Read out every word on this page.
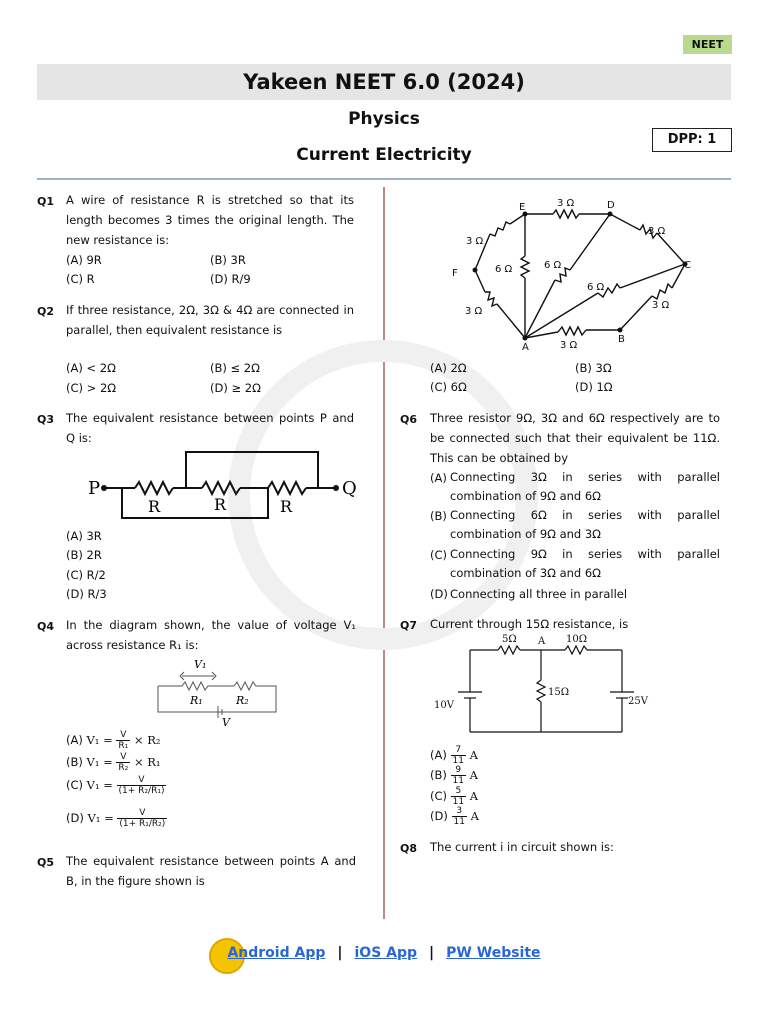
NEET
Yakeen NEET 6.0 (2024)
Physics
Current Electricity
DPP: 1
Q1 A wire of resistance R is stretched so that its length becomes 3 times the original length. The new resistance is:
(A) 9R	(B) 3R
(C) R	(D) R/9
Q2 If three resistance, 2Ω, 3Ω & 4Ω are connected in parallel, then equivalent resistance is
(A) < 2Ω	(B) ≤ 2Ω
(C) > 2Ω	(D) ≥ 2Ω
Q3 The equivalent resistance between points P and Q is:
P	Q
R	R	R
(A) 3R
(B) 2R
(C) R/2
(D) R/3
Q4 In the diagram shown, the value of voltage V₁ across resistance R₁ is:
V₁
R₁	R₂
V
(A) $V_1 = \frac{V}{\text{R₁}} \times R_2$
(B) $V_1 = \frac{V}{\text{R₂}} \times R_1$
(C) $V_1 = \frac{V}{\text{(1+ R₂/R₁)}}$
(D) $V_1 = \frac{V}{\text{(1+ R₁/R₂)}}$
Q5 The equivalent resistance between points A and B, in the figure shown is
E	D
C
F
A
B
3 Ω
3 Ω
3 Ω
6 Ω	6 Ω
3 Ω
6 Ω
3 Ω
3 Ω
(A) 2Ω	(B) 3Ω
(C) 6Ω	(D) 1Ω
Q6 Three resistor 9Ω, 3Ω and 6Ω respectively are to be connected such that their equivalent be 11Ω. This can be obtained by
(A) Connecting 3Ω in series with parallel combination of 9Ω and 6Ω
(B) Connecting 6Ω in series with parallel combination of 9Ω and 3Ω
(C) Connecting 9Ω in series with parallel combination of 3Ω and 6Ω
(D) Connecting all three in parallel
Q7 Current through 15Ω resistance, is
5Ω A 10Ω
15Ω
10V	25V
$(A) \frac{7}{11}$ A
$(B) \frac{9}{11}$ A
$(C) \frac{5}{11}$ A
$(D) \frac{3}{11}$ A
Q8 The current i in circuit shown is:
Android App | iOS App | PW Website
